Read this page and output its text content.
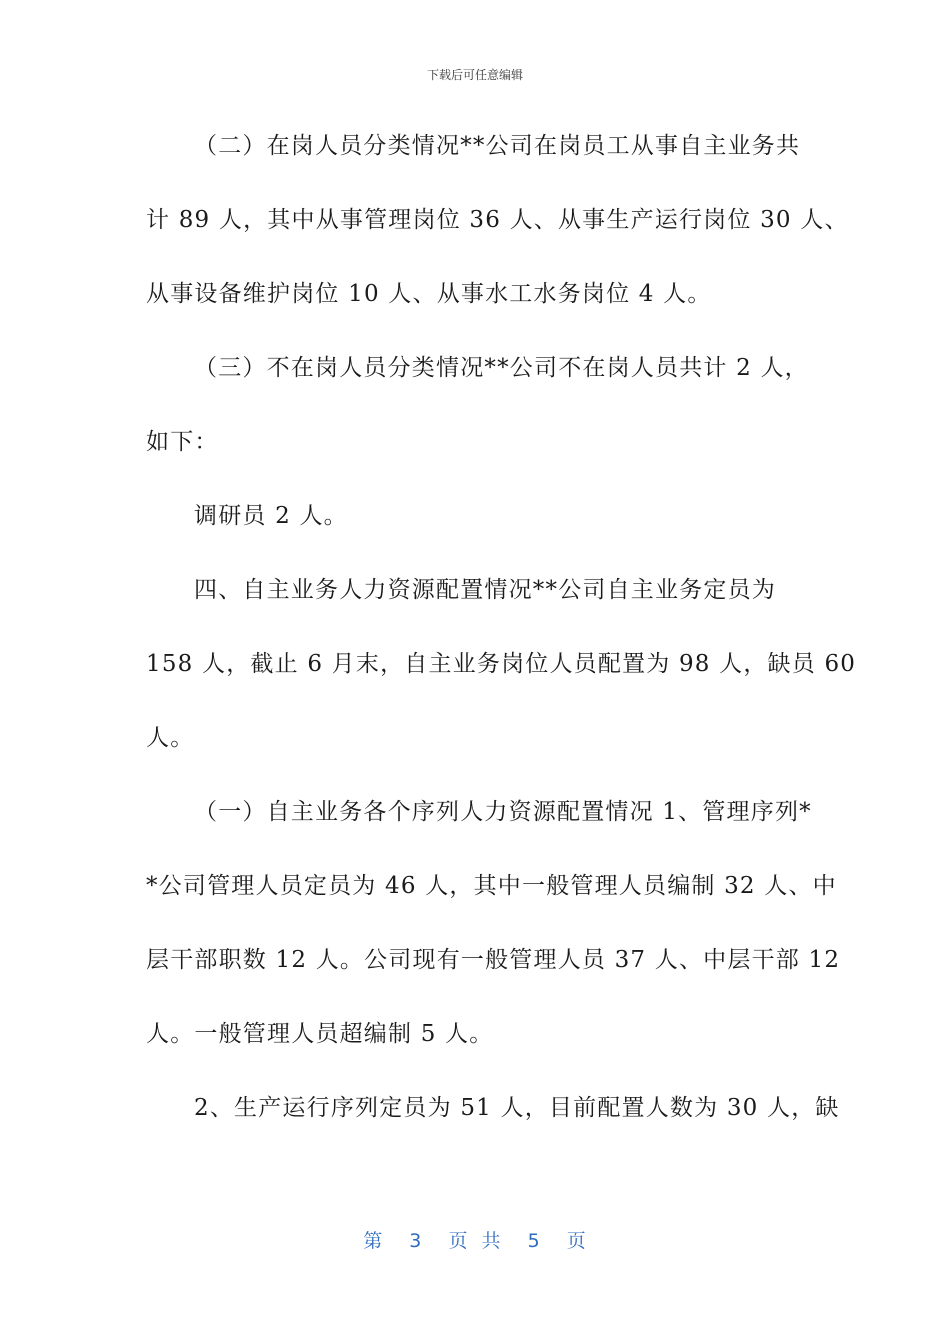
下载后可任意编辑
（二）在岗人员分类情况**公司在岗员工从事自主业务共
计 89 人，其中从事管理岗位 36 人、从事生产运行岗位 30 人、
从事设备维护岗位 10 人、从事水工水务岗位 4 人。
（三）不在岗人员分类情况**公司不在岗人员共计 2 人，
如下：
调研员 2 人。
四、自主业务人力资源配置情况**公司自主业务定员为
158 人，截止 6 月末，自主业务岗位人员配置为 98 人，缺员 60
人。
（一）自主业务各个序列人力资源配置情况 1、管理序列*
*公司管理人员定员为 46 人，其中一般管理人员编制 32 人、中
层干部职数 12 人。公司现有一般管理人员 37 人、中层干部 12
人。一般管理人员超编制 5 人。
2、生产运行序列定员为 51 人，目前配置人数为 30 人，缺
第  3  页 共  5  页
